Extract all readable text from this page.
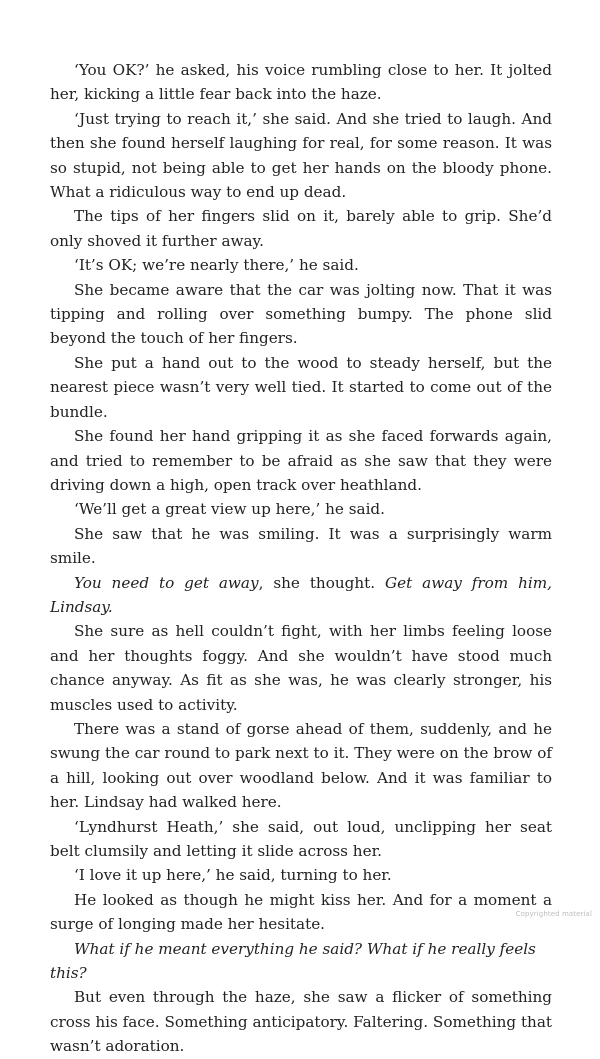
‘You OK?’ he asked, his voice rumbling close to her. It jolted her, kicking a little fear back into the haze.

‘Just trying to reach it,’ she said. And she tried to laugh. And then she found herself laughing for real, for some reason. It was so stupid, not being able to get her hands on the bloody phone. What a ridiculous way to end up dead.

The tips of her fingers slid on it, barely able to grip. She’d only shoved it further away.

‘It’s OK; we’re nearly there,’ he said.

She became aware that the car was jolting now. That it was tipping and rolling over something bumpy. The phone slid beyond the touch of her fingers.

She put a hand out to the wood to steady herself, but the nearest piece wasn’t very well tied. It started to come out of the bundle.

She found her hand gripping it as she faced forwards again, and tried to remember to be afraid as she saw that they were driving down a high, open track over heathland.

‘We’ll get a great view up here,’ he said.

She saw that he was smiling. It was a surprisingly warm smile.

You need to get away, she thought. Get away from him, Lindsay.

She sure as hell couldn’t fight, with her limbs feeling loose and her thoughts foggy. And she wouldn’t have stood much chance anyway. As fit as she was, he was clearly stronger, his muscles used to activity.

There was a stand of gorse ahead of them, suddenly, and he swung the car round to park next to it. They were on the brow of a hill, looking out over woodland below. And it was familiar to her. Lindsay had walked here.

‘Lyndhurst Heath,’ she said, out loud, unclipping her seat belt clumsily and letting it slide across her.

‘I love it up here,’ he said, turning to her.

He looked as though he might kiss her. And for a moment a surge of longing made her hesitate.

What if he meant everything he said? What if he really feels this?

But even through the haze, she saw a flicker of something cross his face. Something anticipatory. Faltering. Something that wasn’t adoration.

Copyrighted material
